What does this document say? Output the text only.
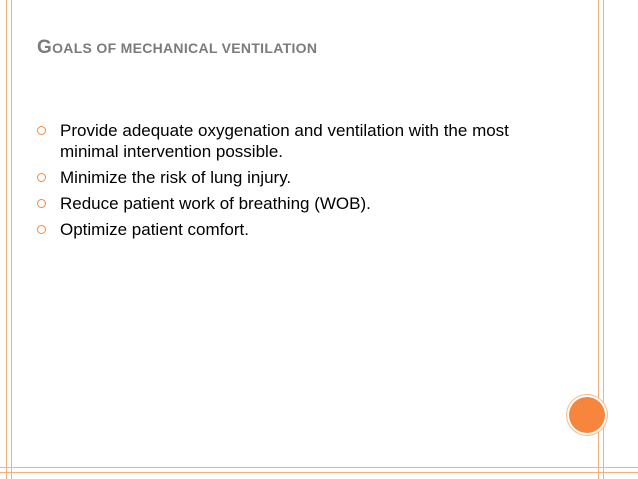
GOALS OF MECHANICAL VENTILATION
Provide adequate oxygenation and ventilation with the most minimal intervention possible.
Minimize the risk of lung injury.
Reduce patient work of breathing (WOB).
Optimize patient comfort.
